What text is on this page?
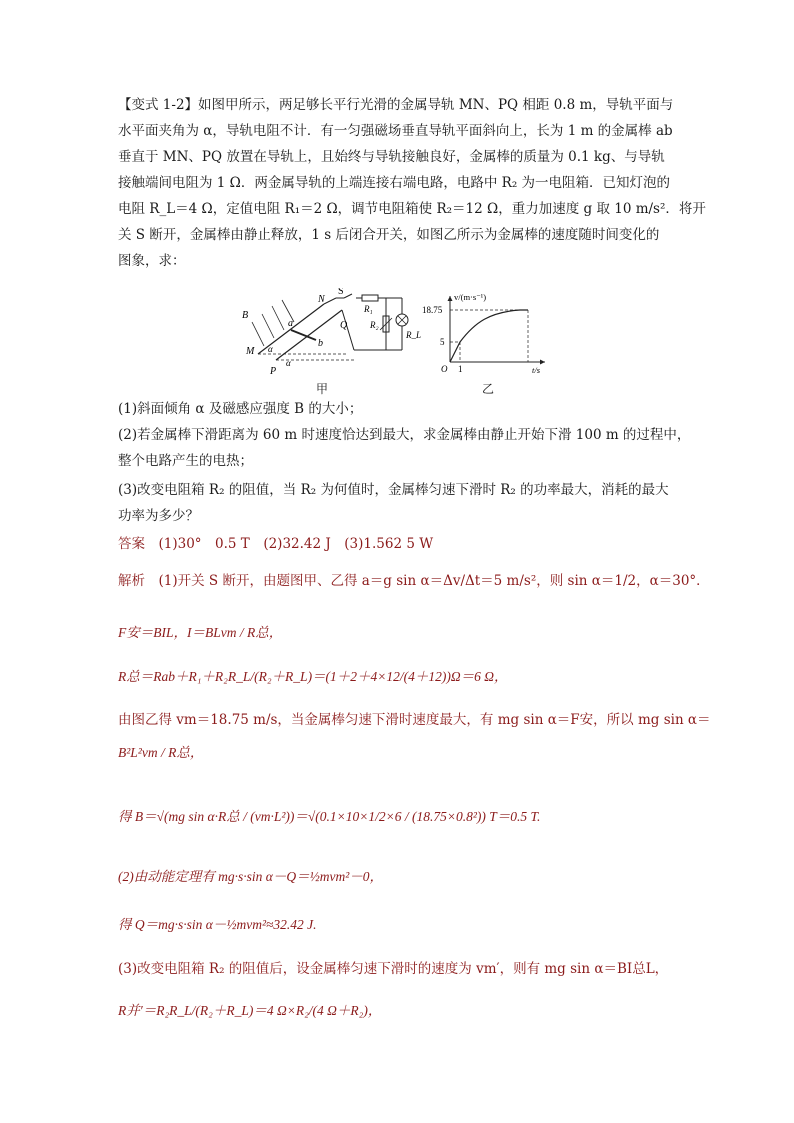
【变式 1-2】如图甲所示，两足够长平行光滑的金属导轨 MN、PQ 相距 0.8 m，导轨平面与
水平面夹角为 α，导轨电阻不计．有一匀强磁场垂直导轨平面斜向上，长为 1 m 的金属棒 ab
垂直于 MN、PQ 放置在导轨上，且始终与导轨接触良好，金属棒的质量为 0.1 kg、与导轨
接触端间电阻为 1 Ω．两金属导轨的上端连接右端电路，电路中 R₂ 为一电阻箱．已知灯泡的
电阻 R_L＝4 Ω，定值电阻 R₁＝2 Ω，调节电阻箱使 R₂＝12 Ω，重力加速度 g 取 10 m/s²．将开
关 S 断开，金属棒由静止释放，1 s 后闭合开关，如图乙所示为金属棒的速度随时间变化的
图象，求：
B
N
S
a
b
Q
M
P
α
α
R₁
R₂
R_L
甲
v/(m·s⁻¹)
t/s
O
18.75
5
1
乙
(1)斜面倾角 α 及磁感应强度 B 的大小；
(2)若金属棒下滑距离为 60 m 时速度恰达到最大，求金属棒由静止开始下滑 100 m 的过程中，
整个电路产生的电热；
(3)改变电阻箱 R₂ 的阻值，当 R₂ 为何值时，金属棒匀速下滑时 R₂ 的功率最大，消耗的最大
功率为多少？
答案　 (1)30°　0.5 T　(2)32.42 J　(3)1.562 5 W
解析　 (1)开关 S 断开，由题图甲、乙得 a＝g sin α＝Δv/Δt＝5 m/s²，则 sin α＝1/2，α＝30°．
F安＝BIL，I＝BLvm / R总，
R总＝Rab＋R₁＋R₂R_L/(R₂＋R_L)＝(1＋2＋4×12/(4＋12))Ω＝6 Ω，
由图乙得 vm＝18.75 m/s，当金属棒匀速下滑时速度最大，有 mg sin α＝F安，所以 mg sin α＝
B²L²vm / R总，
得 B＝√(mg sin α·R总 / (vm·L²))＝√(0.1×10×1/2×6 / (18.75×0.8²)) T＝0.5 T.
(2)由动能定理有 mg·s·sin α－Q＝½mvm²－0，
得 Q＝mg·s·sin α－½mvm²≈32.42 J.
(3)改变电阻箱 R₂ 的阻值后，设金属棒匀速下滑时的速度为 vm′，则有 mg sin α＝BI总L，
R并′＝R₂R_L/(R₂＋R_L)＝4 Ω×R₂/(4 Ω＋R₂)，
